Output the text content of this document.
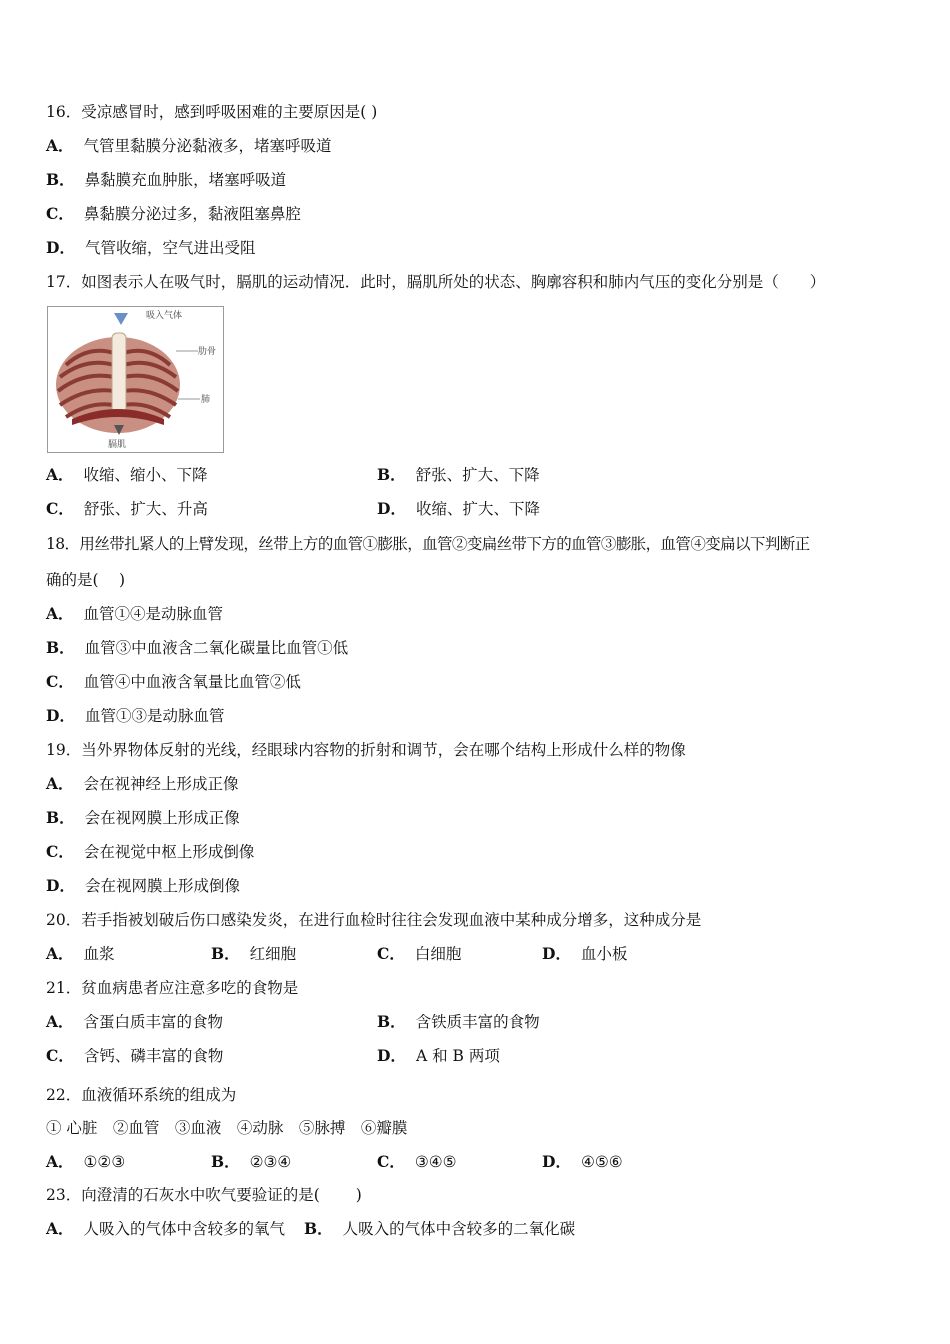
16．受凉感冒时，感到呼吸困难的主要原因是( )
A． 气管里黏膜分泌黏液多，堵塞呼吸道
B． 鼻黏膜充血肿胀，堵塞呼吸道
C． 鼻黏膜分泌过多，黏液阻塞鼻腔
D． 气管收缩，空气进出受阻
17．如图表示人在吸气时，膈肌的运动情况．此时，膈肌所处的状态、胸廓容积和肺内气压的变化分别是（　　）
吸入气体
肋骨
肺
膈肌
A． 收缩、缩小、下降	B． 舒张、扩大、下降
C． 舒张、扩大、升高	D． 收缩、扩大、下降
18．用丝带扎紧人的上臂发现，丝带上方的血管①膨胀，血管②变扁丝带下方的血管③膨胀，血管④变扁以下判断正
确的是(　 )
A． 血管①④是动脉血管
B． 血管③中血液含二氧化碳量比血管①低
C． 血管④中血液含氧量比血管②低
D． 血管①③是动脉血管
19．当外界物体反射的光线，经眼球内容物的折射和调节，会在哪个结构上形成什么样的物像
A． 会在视神经上形成正像
B． 会在视网膜上形成正像
C． 会在视觉中枢上形成倒像
D． 会在视网膜上形成倒像
20．若手指被划破后伤口感染发炎，在进行血检时往往会发现血液中某种成分增多，这种成分是
A． 血浆	B． 红细胞	C． 白细胞	D． 血小板
21．贫血病患者应注意多吃的食物是
A． 含蛋白质丰富的食物	B． 含铁质丰富的食物
C． 含钙、磷丰富的食物	D． A 和 B 两项
22．血液循环系统的组成为
① 心脏　②血管　③血液　④动脉　⑤脉搏　⑥瓣膜
A． ①②③	B． ②③④	C． ③④⑤	D． ④⑤⑥
23．向澄清的石灰水中吹气要验证的是(　 　)
A． 人吸入的气体中含较多的氧气 B． 人吸入的气体中含较多的二氧化碳
